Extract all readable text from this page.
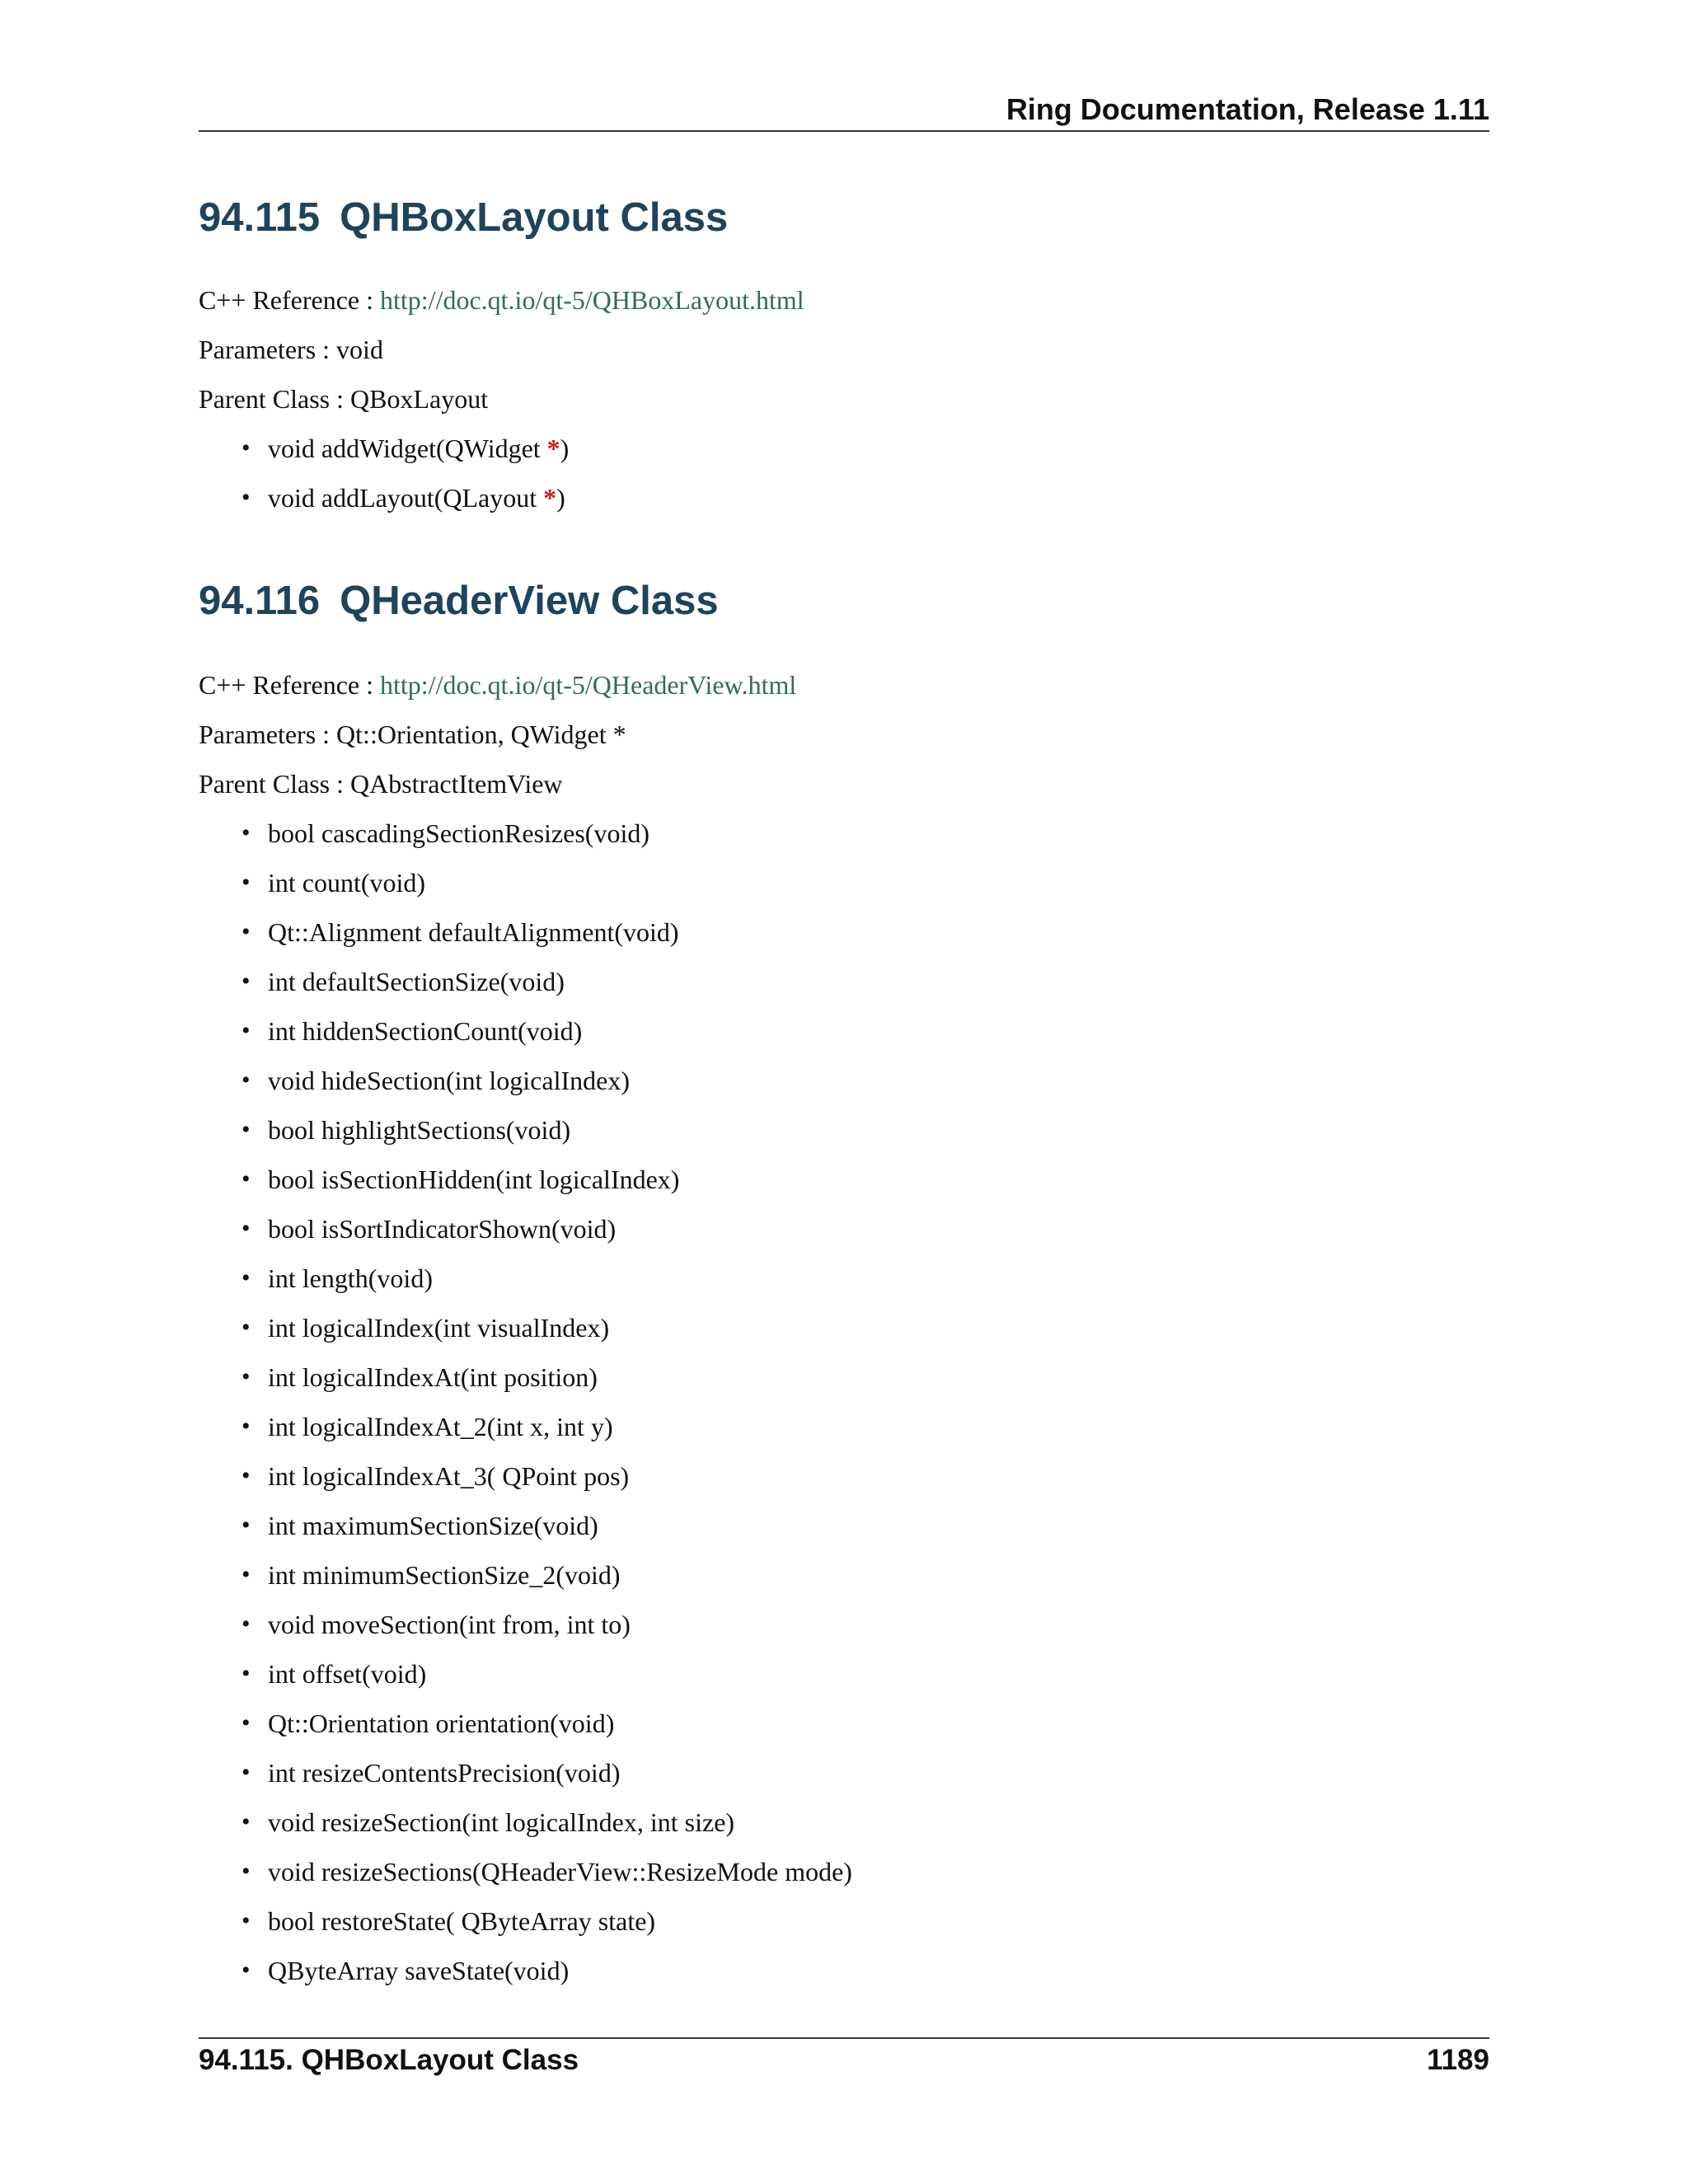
Ring Documentation, Release 1.11
94.115 QHBoxLayout Class
C++ Reference : http://doc.qt.io/qt-5/QHBoxLayout.html
Parameters : void
Parent Class : QBoxLayout
• void addWidget(QWidget *)
• void addLayout(QLayout *)
94.116 QHeaderView Class
C++ Reference : http://doc.qt.io/qt-5/QHeaderView.html
Parameters : Qt::Orientation, QWidget *
Parent Class : QAbstractItemView
• bool cascadingSectionResizes(void)
• int count(void)
• Qt::Alignment defaultAlignment(void)
• int defaultSectionSize(void)
• int hiddenSectionCount(void)
• void hideSection(int logicalIndex)
• bool highlightSections(void)
• bool isSectionHidden(int logicalIndex)
• bool isSortIndicatorShown(void)
• int length(void)
• int logicalIndex(int visualIndex)
• int logicalIndexAt(int position)
• int logicalIndexAt_2(int x, int y)
• int logicalIndexAt_3( QPoint pos)
• int maximumSectionSize(void)
• int minimumSectionSize_2(void)
• void moveSection(int from, int to)
• int offset(void)
• Qt::Orientation orientation(void)
• int resizeContentsPrecision(void)
• void resizeSection(int logicalIndex, int size)
• void resizeSections(QHeaderView::ResizeMode mode)
• bool restoreState( QByteArray state)
• QByteArray saveState(void)
94.115. QHBoxLayout Class	1189
